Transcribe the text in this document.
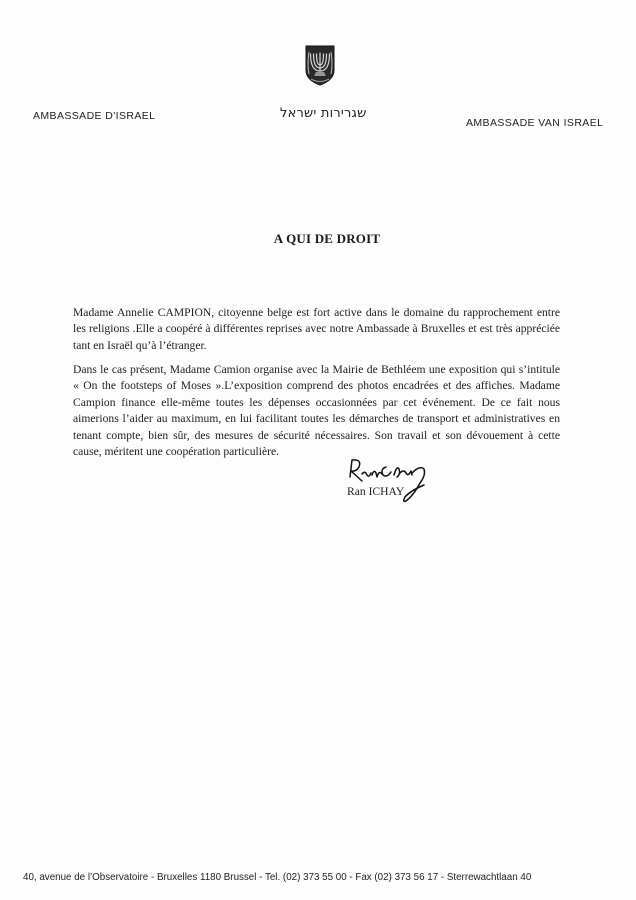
AMBASSADE D'ISRAEL	שגרירות ישראל
AMBASSADE VAN ISRAEL
A QUI DE DROIT

Madame Annelie CAMPION, citoyenne belge est fort active dans le domaine du rapprochement entre les religions .Elle a coopéré à différentes reprises avec notre Ambassade à Bruxelles et est très appréciée tant en Israël qu’à l’étranger.

Dans le cas présent, Madame Camion organise avec la Mairie de Bethléem une exposition qui s’intitule « On the footsteps of Moses ».L’exposition comprend des photos encadrées et des affiches. Madame Campion finance elle-même toutes les dépenses occasionnées par cet événement. De ce fait nous aimerions l’aider au maximum, en lui facilitant toutes les démarches de transport et administratives en tenant compte, bien sûr, des mesures de sécurité nécessaires. Son travail et son dévouement à cette cause, méritent une coopération particulière.

Ran ICHAY
40, avenue de l’Observatoire - Bruxelles 1180 Brussel - Tel. (02) 373 55 00 - Fax (02) 373 56 17 - Sterrewachtlaan 40
